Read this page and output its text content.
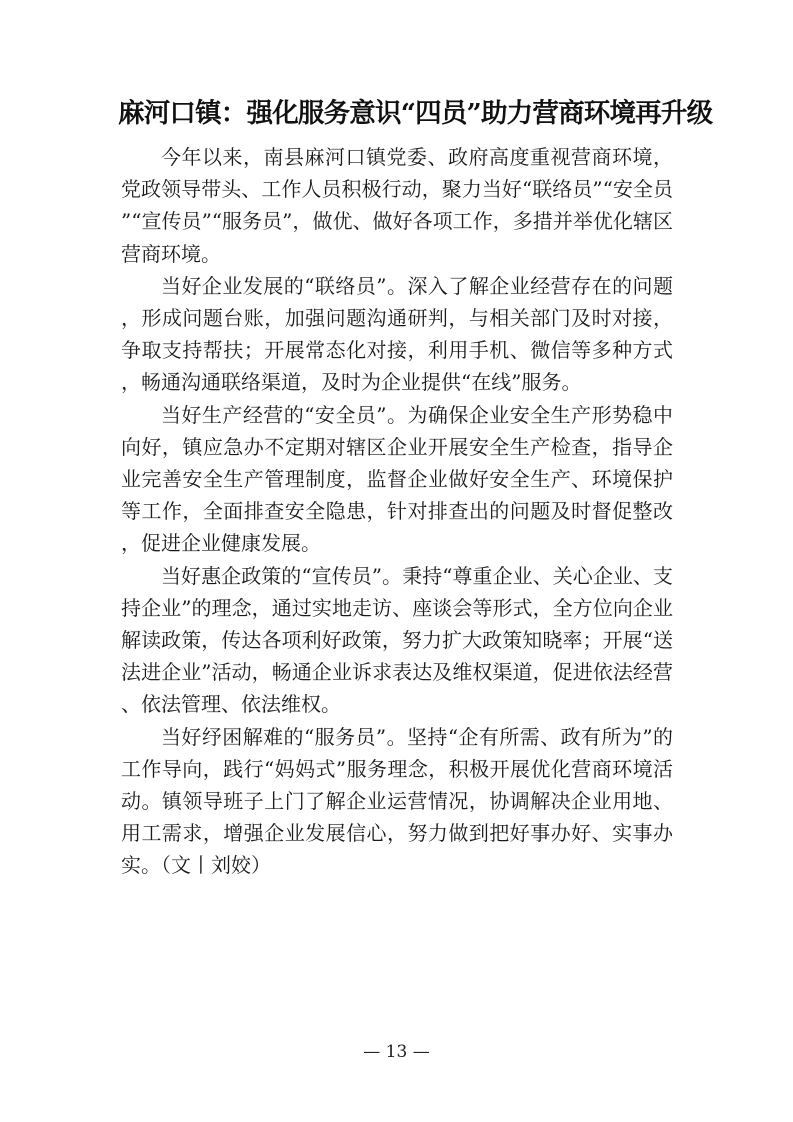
麻河口镇：强化服务意识“四员”助力营商环境再升级

今年以来，南县麻河口镇党委、政府高度重视营商环境，党政领导带头、工作人员积极行动，聚力当好“联络员”“安全员”“宣传员”“服务员”，做优、做好各项工作，多措并举优化辖区营商环境。

当好企业发展的“联络员”。深入了解企业经营存在的问题，形成问题台账，加强问题沟通研判，与相关部门及时对接，争取支持帮扶；开展常态化对接，利用手机、微信等多种方式，畅通沟通联络渠道，及时为企业提供“在线”服务。

当好生产经营的“安全员”。为确保企业安全生产形势稳中向好，镇应急办不定期对辖区企业开展安全生产检查，指导企业完善安全生产管理制度，监督企业做好安全生产、环境保护等工作，全面排查安全隐患，针对排查出的问题及时督促整改，促进企业健康发展。

当好惠企政策的“宣传员”。秉持“尊重企业、关心企业、支持企业”的理念，通过实地走访、座谈会等形式，全方位向企业解读政策，传达各项利好政策，努力扩大政策知晓率；开展“送法进企业”活动，畅通企业诉求表达及维权渠道，促进依法经营、依法管理、依法维权。

当好纾困解难的“服务员”。坚持“企有所需、政有所为”的工作导向，践行“妈妈式”服务理念，积极开展优化营商环境活动。镇领导班子上门了解企业运营情况，协调解决企业用地、用工需求，增强企业发展信心，努力做到把好事办好、实事办实。（文丨刘姣）

— 13 —
